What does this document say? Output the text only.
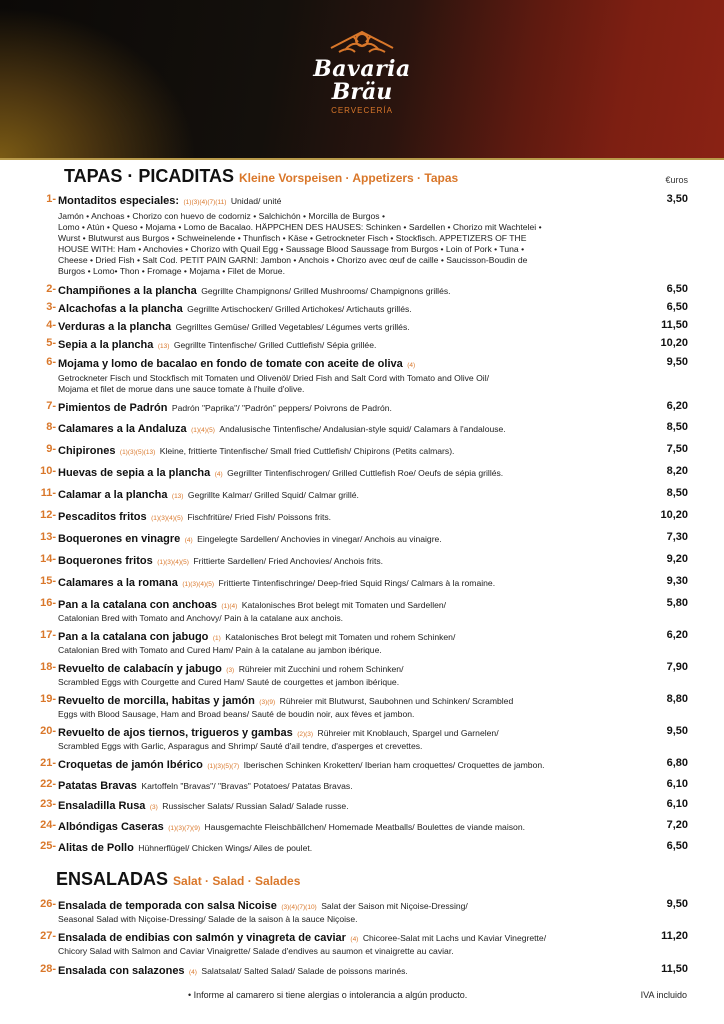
Bavaria
Bräu
CERVECERÍA
TAPAS · PICADITAS Kleine Vorspeisen · Appetizers · Tapas	€uros
1- Montaditos especiales: (1)(3)(4)(7)(11) Unidad/ unité	3,50
Jamón • Anchoas • Chorizo con huevo de codorniz • Salchichón • Morcilla de Burgos •
Lomo • Atún • Queso • Mojama • Lomo de Bacalao. HÄPPCHEN DES HAUSES: Schinken • Sardellen • Chorizo mit Wachtelei •
Wurst • Blutwurst aus Burgos • Schweinelende • Thunfisch • Käse • Getrockneter Fisch • Stockfisch. APPETIZERS OF THE
HOUSE WITH: Ham • Anchovies • Chorizo with Quail Egg • Saussage Blood Saussage from Burgos • Loin of Pork • Tuna •
Cheese • Dried Fish • Salt Cod. PETIT PAIN GARNI: Jambon • Anchois • Chorizo avec œuf de caille • Saucisson-Boudin de
Burgos • Lomo• Thon • Fromage • Mojama • Filet de Morue.
2- Champiñones a la plancha Gegrillte Champignons/ Grilled Mushrooms/ Champignons grillés.	6,50
3- Alcachofas a la plancha Gegrillte Artischocken/ Grilled Artichokes/ Artichauts grillés.	6,50
4- Verduras a la plancha Gegrilltes Gemüse/ Grilled Vegetables/ Légumes verts grillés.	11,50
5- Sepia a la plancha (13) Gegrillte Tintenfische/ Grilled Cuttlefish/ Sépia grillée.	10,20
6- Mojama y lomo de bacalao en fondo de tomate con aceite de oliva (4)	9,50
Getrockneter Fisch und Stockfisch mit Tomaten und Olivenöl/ Dried Fish and Salt Cord with Tomato and Olive Oil/
Mojama et filet de morue dans une sauce tomate à l'huile d'olive.
7- Pimientos de Padrón Padrón "Paprika"/ "Padrón" peppers/ Poivrons de Padrón.	6,20
8- Calamares a la Andaluza (1)(4)(5) Andalusische Tintenfische/ Andalusian-style squid/ Calamars à l'andalouse.	8,50
9- Chipirones (1)(3)(5)(13) Kleine, frittierte Tintenfische/ Small fried Cuttlefish/ Chipirons (Petits calmars).	7,50
10- Huevas de sepia a la plancha (4) Gegrillter Tintenfischrogen/ Grilled Cuttlefish Roe/ Oeufs de sépia grillés.	8,20
11- Calamar a la plancha (13) Gegrillte Kalmar/ Grilled Squid/ Calmar grillé.	8,50
12- Pescaditos fritos (1)(3)(4)(5) Fischfritüre/ Fried Fish/ Poissons frits.	10,20
13- Boquerones en vinagre (4) Eingelegte Sardellen/ Anchovies in vinegar/ Anchois au vinaigre.	7,30
14- Boquerones fritos (1)(3)(4)(5) Frittierte Sardellen/ Fried Anchovies/ Anchois frits.	9,20
15- Calamares a la romana (1)(3)(4)(5) Frittierte Tintenfischringe/ Deep-fried Squid Rings/ Calmars à la romaine.	9,30
16- Pan a la catalana con anchoas (1)(4) Katalonisches Brot belegt mit Tomaten und Sardellen/	5,80
Catalonian Bred with Tomato and Anchovy/ Pain à la catalane aux anchois.
17- Pan a la catalana con jabugo (1) Katalonisches Brot belegt mit Tomaten und rohem Schinken/	6,20
Catalonian Bred with Tomato and Cured Ham/ Pain à la catalane au jambon ibérique.
18- Revuelto de calabacín y jabugo (3) Rühreier mit Zucchini und rohem Schinken/	7,90
Scrambled Eggs with Courgette and Cured Ham/ Sauté de courgettes et jambon ibérique.
19- Revuelto de morcilla, habitas y jamón (3)(9) Rühreier mit Blutwurst, Saubohnen und Schinken/ Scrambled	8,80
Eggs with Blood Sausage, Ham and Broad beans/ Sauté de boudin noir, aux fèves et jambon.
20- Revuelto de ajos tiernos, trigueros y gambas (2)(3) Rühreier mit Knoblauch, Spargel und Garnelen/	9,50
Scrambled Eggs with Garlic, Asparagus and Shrimp/ Sauté d'ail tendre, d'asperges et crevettes.
21- Croquetas de jamón Ibérico (1)(3)(5)(7) Iberischen Schinken Kroketten/ Iberian ham croquettes/ Croquettes de jambon.	6,80
22- Patatas Bravas Kartoffeln "Bravas"/ "Bravas" Potatoes/ Patatas Bravas.	6,10
23- Ensaladilla Rusa (3) Russischer Salats/ Russian Salad/ Salade russe.	6,10
24- Albóndigas Caseras (1)(3)(7)(9) Hausgemachte Fleischbällchen/ Homemade Meatballs/ Boulettes de viande maison.	7,20
25- Alitas de Pollo Hühnerflügel/ Chicken Wings/ Ailes de poulet.	6,50
ENSALADAS Salat · Salad · Salades
26- Ensalada de temporada con salsa Nicoise (3)(4)(7)(10) Salat der Saison mit Niçoise-Dressing/	9,50
Seasonal Salad with Niçoise-Dressing/ Salade de la saison à la sauce Niçoise.
27- Ensalada de endibias con salmón y vinagreta de caviar (4) Chicoree-Salat mit Lachs und Kaviar Vinegrette/	11,20
Chicory Salad with Salmon and Caviar Vinaigrette/ Salade d'endives au saumon et vinaigrette au caviar.
28- Ensalada con salazones (4) Salatsalat/ Salted Salad/ Salade de poissons marinés.	11,50
• Informe al camarero si tiene alergias o intolerancia a algún producto.	IVA incluido
